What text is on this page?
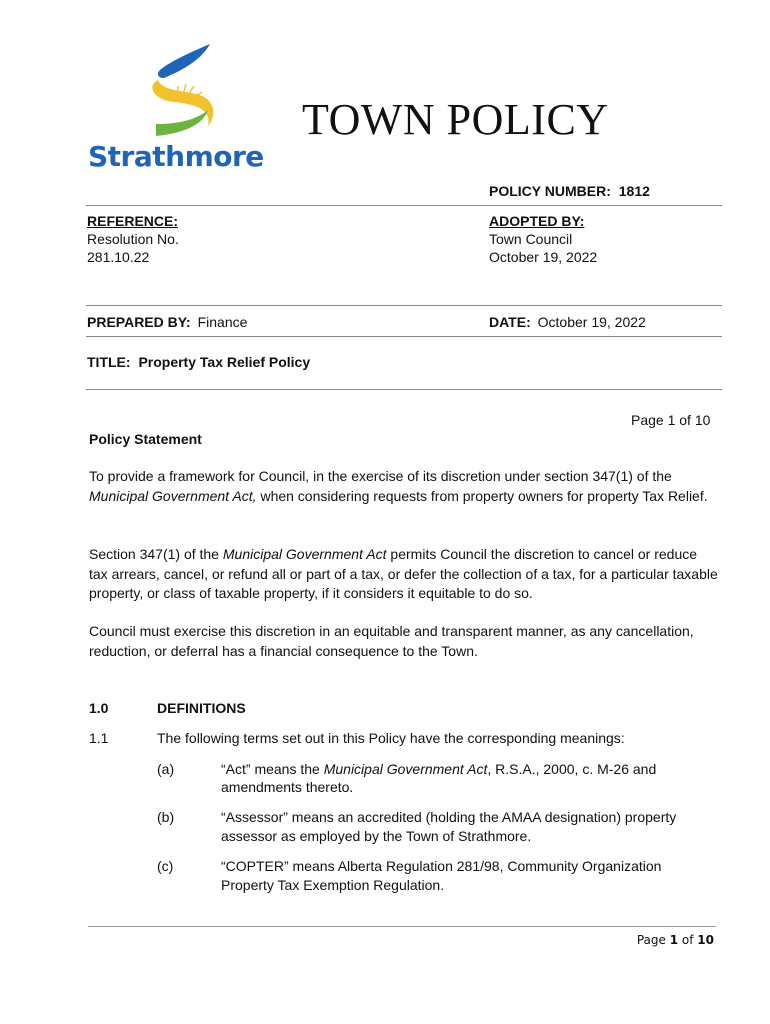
Strathmore
TOWN POLICY
POLICY NUMBER: 1812
REFERENCE:
Resolution No.
281.10.22
ADOPTED BY:
Town Council
October 19, 2022
PREPARED BY: Finance	DATE: October 19, 2022
TITLE: Property Tax Relief Policy
Page 1 of 10
Policy Statement
To provide a framework for Council, in the exercise of its discretion under section 347(1) of the Municipal Government Act, when considering requests from property owners for property Tax Relief.
Section 347(1) of the Municipal Government Act permits Council the discretion to cancel or reduce tax arrears, cancel, or refund all or part of a tax, or defer the collection of a tax, for a particular taxable property, or class of taxable property, if it considers it equitable to do so.
Council must exercise this discretion in an equitable and transparent manner, as any cancellation, reduction, or deferral has a financial consequence to the Town.
1.0	DEFINITIONS
1.1	The following terms set out in this Policy have the corresponding meanings:
(a)	“Act” means the Municipal Government Act, R.S.A., 2000, c. M-26 and
amendments thereto.
(b)	“Assessor” means an accredited (holding the AMAA designation) property
assessor as employed by the Town of Strathmore.
(c)	“COPTER” means Alberta Regulation 281/98, Community Organization
Property Tax Exemption Regulation.
Page 1 of 10
